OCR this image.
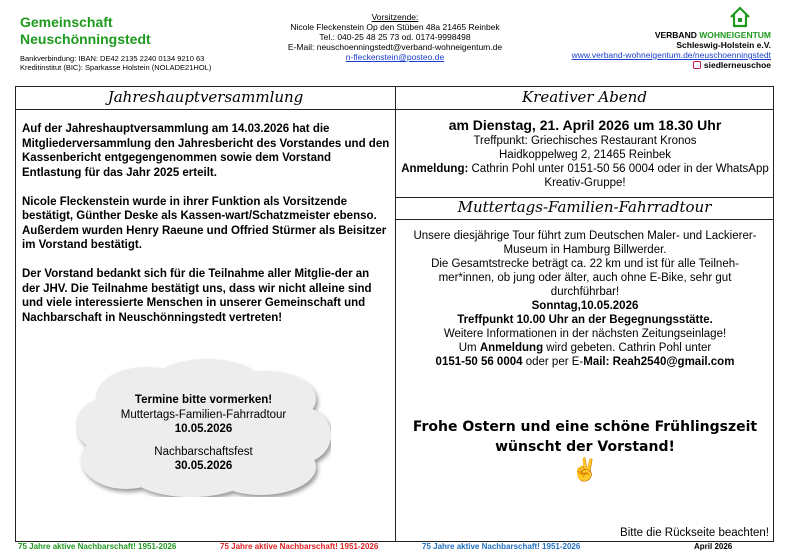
Gemeinschaft
Neuschönningstedt
Bankverbindung: IBAN: DE42 2135 2240 0134 9210 63
Kreditinstitut (BIC): Sparkasse Holstein (NOLADE21HOL)
Vorsitzende:
Nicole Fleckenstein Op den Stüben 48a 21465 Reinbek
Tel.: 040-25 48 25 73 od. 0174-9998498
E-Mail: neuschoenningstedt@verband-wohneigentum.de
n-fleckenstein@posteo.de
VERBAND WOHNEIGENTUM
Schleswig-Holstein e.V.
www.verband-wohneigentum.de/neuschoenningstedt
siedlerneuschoe
Jahreshauptversammlung

Auf der Jahreshauptversammlung am 14.03.2026 hat die Mitgliederversammlung den Jahresbericht des Vorstandes und den Kassenbericht entgegengenommen sowie dem Vorstand Entlastung für das Jahr 2025 erteilt.

Nicole Fleckenstein wurde in ihrer Funktion als Vorsitzende bestätigt, Günther Deske als Kassen-wart/Schatzmeister ebenso.

Außerdem wurden Henry Raeune und Offried Stürmer als Beisitzer im Vorstand bestätigt.

Der Vorstand bedankt sich für die Teilnahme aller Mitglie-der an der JHV. Die Teilnahme bestätigt uns, dass wir nicht alleine sind und viele interessierte Menschen in unserer Gemeinschaft und Nachbarschaft in Neuschönningstedt vertreten!

Termine bitte vormerken!
Muttertags-Familien-Fahrradtour
10.05.2026
Nachbarschaftsfest
30.05.2026
Kreativer Abend
am Dienstag, 21. April 2026 um 18.30 Uhr
Treffpunkt: Griechisches Restaurant Kronos
Haidkoppelweg 2, 21465 Reinbek
Anmeldung: Cathrin Pohl unter 0151-50 56 0004 oder in der WhatsApp Kreativ-Gruppe!
Muttertags-Familien-Fahrradtour
Unsere diesjährige Tour führt zum Deutschen Maler- und Lackierer-Museum in Hamburg Billwerder.
Die Gesamtstrecke beträgt ca. 22 km und ist für alle Teilneh-mer*innen, ob jung oder älter, auch ohne E-Bike, sehr gut durchführbar!
Sonntag,10.05.2026
Treffpunkt 10.00 Uhr an der Begegnungsstätte.
Weitere Informationen in der nächsten Zeitungseinlage!
Um Anmeldung wird gebeten. Cathrin Pohl unter
0151-50 56 0004 oder per E-Mail: Reah2540@gmail.com
Frohe Ostern und eine schöne Frühlingszeit wünscht der Vorstand!
✌
Bitte die Rückseite beachten!
75 Jahre aktive Nachbarschaft! 1951-2026	75 Jahre aktive Nachbarschaft! 1951-2026	75 Jahre aktive Nachbarschaft! 1951-2026	April 2026
